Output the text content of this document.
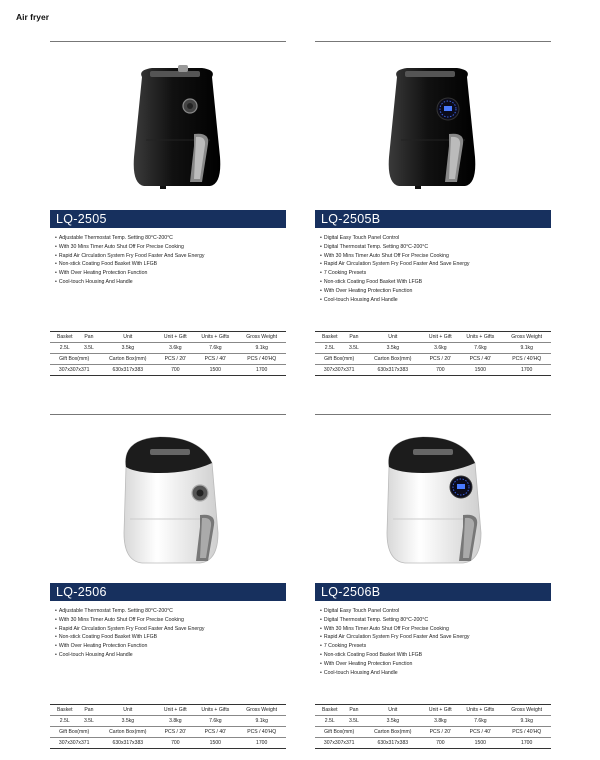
Air fryer
LQ-2505
• Adjustable Thermostat Temp. Setting 80°C-200°C
• With 30 Mins Timer Auto Shut Off For Precise Cooking
• Rapid Air Circulation System Fry Food Faster And Save Energy
• Non-stick Coating Food Basket With LFGB
• With Over Heating Protection Function
• Cool-touch Housing And Handle
Basket	Pan	Unit	Unit + Gift	Units + Gifts	Gross Weight
2.5L	3.5L	3.5kg	3.6kg	7.6kg	9.1kg
Gift Box(mm)		Carton Box(mm)	PCS / 20'	PCS / 40'	PCS / 40'HQ
307x307x371		630x317x383	700	1500	1700
LQ-2505B
• Digital Easy Touch Panel Control
• Digital Thermostat Temp. Setting 80°C-200°C
• With 30 Mins Timer Auto Shut Off For Precise Cooking
• Rapid Air Circulation System Fry Food Faster And Save Energy
• 7 Cooking Presets
• Non-stick Coating Food Basket With LFGB
• With Over Heating Protection Function
• Cool-touch Housing And Handle
Basket	Pan	Unit	Unit + Gift	Units + Gifts	Gross Weight
2.5L	3.5L	3.5kg	3.6kg	7.6kg	9.1kg
Gift Box(mm)		Carton Box(mm)	PCS / 20'	PCS / 40'	PCS / 40'HQ
307x307x371		630x317x383	700	1500	1700
LQ-2506
• Adjustable Thermostat Temp. Setting 80°C-200°C
• With 30 Mins Timer Auto Shut Off For Precise Cooking
• Rapid Air Circulation System Fry Food Faster And Save Energy
• Non-stick Coating Food Basket With LFGB
• With Over Heating Protection Function
• Cool-touch Housing And Handle
Basket	Pan	Unit	Unit + Gift	Units + Gifts	Gross Weight
2.5L	3.5L	3.5kg	3.8kg	7.6kg	9.1kg
Gift Box(mm)		Carton Box(mm)	PCS / 20'	PCS / 40'	PCS / 40'HQ
307x307x371		630x317x383	700	1500	1700
LQ-2506B
• Digital Easy Touch Panel Control
• Digital Thermostat Temp. Setting 80°C-200°C
• With 30 Mins Timer Auto Shut Off For Precise Cooking
• Rapid Air Circulation System Fry Food Faster And Save Energy
• 7 Cooking Presets
• Non-stick Coating Food Basket With LFGB
• With Over Heating Protection Function
• Cool-touch Housing And Handle
Basket	Pan	Unit	Unit + Gift	Units + Gifts	Gross Weight
2.5L	3.5L	3.5kg	3.8kg	7.6kg	9.1kg
Gift Box(mm)		Carton Box(mm)	PCS / 20'	PCS / 40'	PCS / 40'HQ
307x307x371		630x317x383	700	1500	1700
